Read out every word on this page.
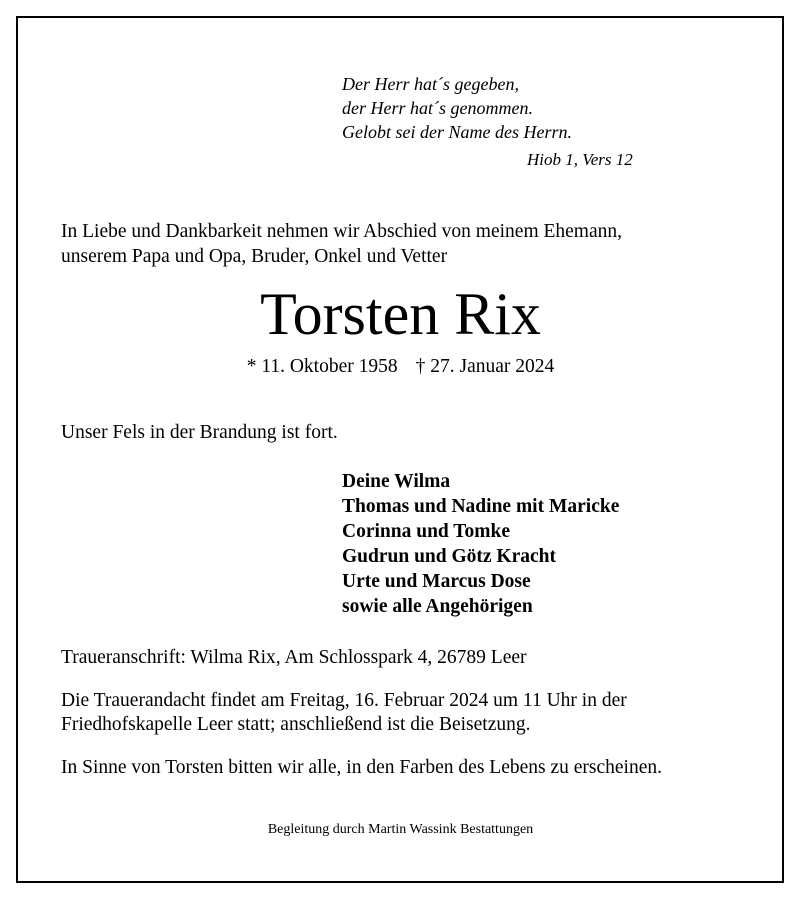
Der Herr hat´s gegeben,
der Herr hat´s genommen.
Gelobt sei der Name des Herrn.
Hiob 1, Vers 12
In Liebe und Dankbarkeit nehmen wir Abschied von meinem Ehemann,
unserem Papa und Opa, Bruder, Onkel und Vetter
Torsten Rix
* 11. Oktober 1958 † 27. Januar 2024
Unser Fels in der Brandung ist fort.
Deine Wilma
Thomas und Nadine mit Maricke
Corinna und Tomke
Gudrun und Götz Kracht
Urte und Marcus Dose
sowie alle Angehörigen
Traueranschrift: Wilma Rix, Am Schlosspark 4, 26789 Leer
Die Trauerandacht findet am Freitag, 16. Februar 2024 um 11 Uhr in der
Friedhofskapelle Leer statt; anschließend ist die Beisetzung.
In Sinne von Torsten bitten wir alle, in den Farben des Lebens zu erscheinen.
Begleitung durch Martin Wassink Bestattungen
